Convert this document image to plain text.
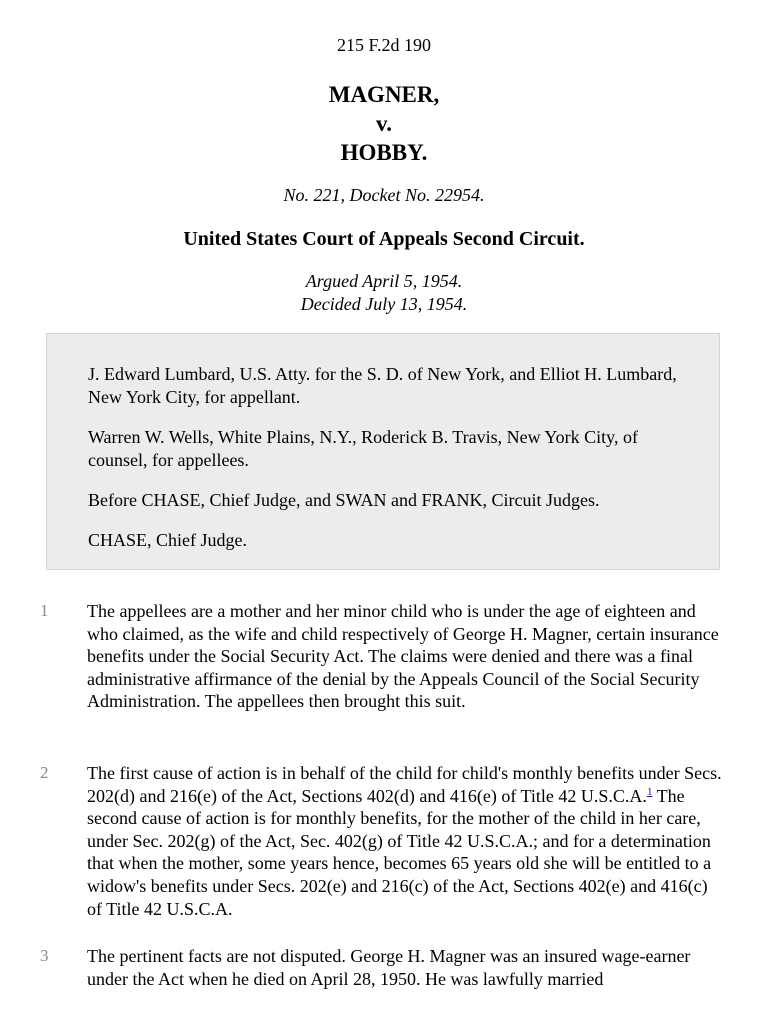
215 F.2d 190
MAGNER,
v.
HOBBY.
No. 221, Docket No. 22954.
United States Court of Appeals Second Circuit.
Argued April 5, 1954.
Decided July 13, 1954.

J. Edward Lumbard, U.S. Atty. for the S. D. of New York, and Elliot H. Lumbard, New York City, for appellant.

Warren W. Wells, White Plains, N.Y., Roderick B. Travis, New York City, of counsel, for appellees.

Before CHASE, Chief Judge, and SWAN and FRANK, Circuit Judges.

CHASE, Chief Judge.

1	The appellees are a mother and her minor child who is under the age of eighteen and who claimed, as the wife and child respectively of George H. Magner, certain insurance benefits under the Social Security Act. The claims were denied and there was a final administrative affirmance of the denial by the Appeals Council of the Social Security Administration. The appellees then brought this suit.

2	The first cause of action is in behalf of the child for child's monthly benefits under Secs. 202(d) and 216(e) of the Act, Sections 402(d) and 416(e) of Title 42 U.S.C.A.$^1$ The second cause of action is for monthly benefits, for the mother of the child in her care, under Sec. 202(g) of the Act, Sec. 402(g) of Title 42 U.S.C.A.; and for a determination that when the mother, some years hence, becomes 65 years old she will be entitled to a widow's benefits under Secs. 202(e) and 216(c) of the Act, Sections 402(e) and 416(c) of Title 42 U.S.C.A.

3	The pertinent facts are not disputed. George H. Magner was an insured wage-earner under the Act when he died on April 28, 1950. He was lawfully married
